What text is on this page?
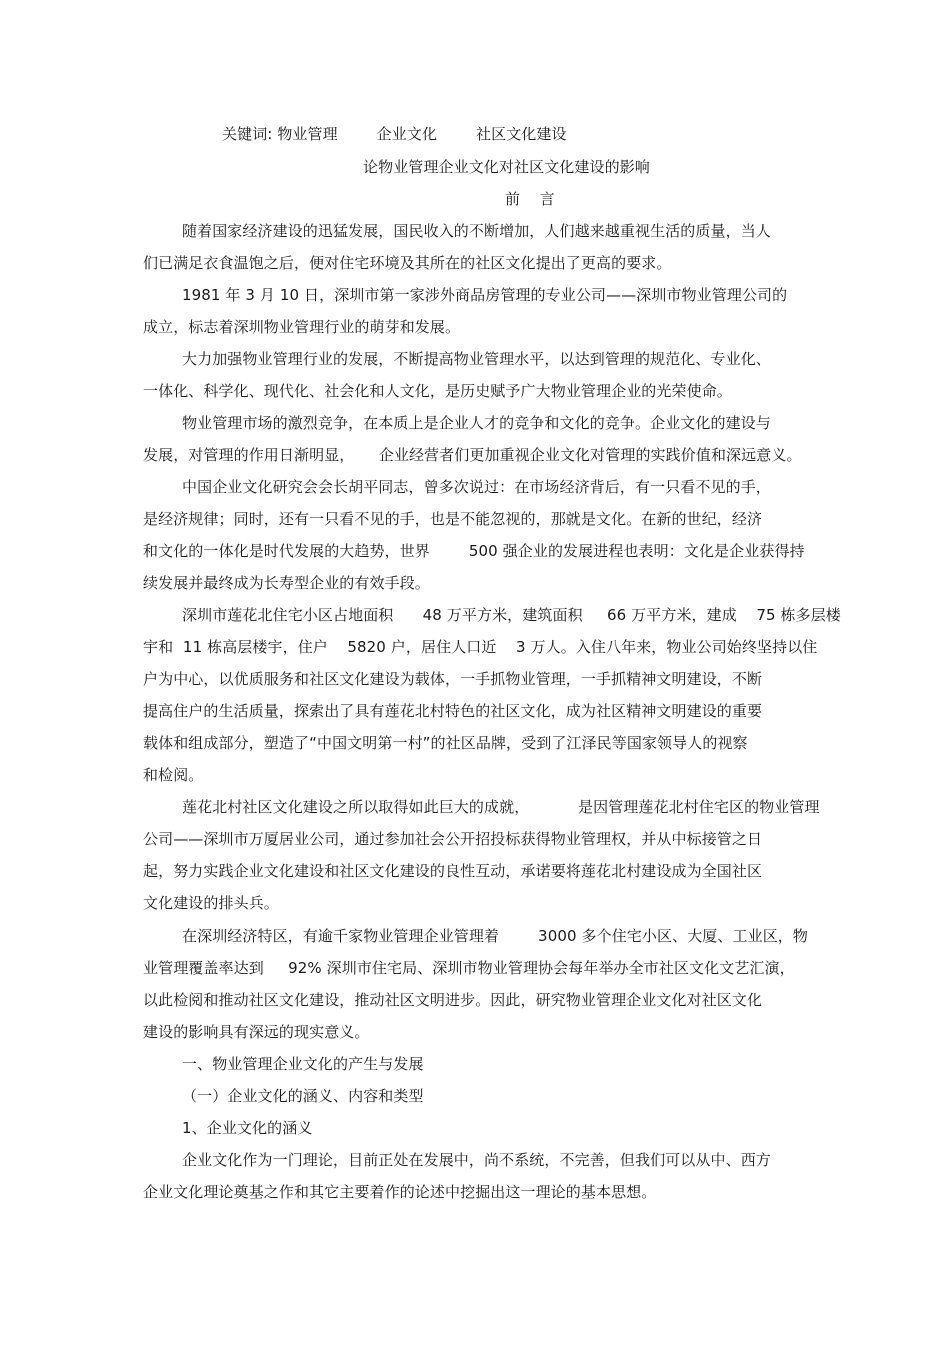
关键词: 物业管理        企业文化        社区文化建设
论物业管理企业文化对社区文化建设的影响
前    言
随着国家经济建设的迅猛发展，国民收入的不断增加，人们越来越重视生活的质量，当人
们已满足衣食温饱之后，便对住宅环境及其所在的社区文化提出了更高的要求。
1981 年 3 月 10 日，深圳市第一家涉外商品房管理的专业公司——深圳市物业管理公司的
成立，标志着深圳物业管理行业的萌芽和发展。
大力加强物业管理行业的发展，不断提高物业管理水平，以达到管理的规范化、专业化、
一体化、科学化、现代化、社会化和人文化，是历史赋予广大物业管理企业的光荣使命。
物业管理市场的激烈竞争，在本质上是企业人才的竞争和文化的竞争。企业文化的建设与
发展，对管理的作用日渐明显，     企业经营者们更加重视企业文化对管理的实践价值和深远意义。
中国企业文化研究会会长胡平同志，曾多次说过：在市场经济背后，有一只看不见的手，
是经济规律；同时，还有一只看不见的手，也是不能忽视的，那就是文化。在新的世纪，经济
和文化的一体化是时代发展的大趋势，世界        500 强企业的发展进程也表明：文化是企业获得持
续发展并最终成为长寿型企业的有效手段。
深圳市莲花北住宅小区占地面积      48 万平方米，建筑面积     66 万平方米，建成    75 栋多层楼
宇和  11 栋高层楼宇，住户    5820 户，居住人口近    3 万人。入住八年来，物业公司始终坚持以住
户为中心，以优质服务和社区文化建设为载体，一手抓物业管理，一手抓精神文明建设，不断
提高住户的生活质量，探索出了具有莲花北村特色的社区文化，成为社区精神文明建设的重要
载体和组成部分，塑造了“中国文明第一村”的社区品牌，受到了江泽民等国家领导人的视察
和检阅。
莲花北村社区文化建设之所以取得如此巨大的成就，          是因管理莲花北村住宅区的物业管理
公司——深圳市万厦居业公司，通过参加社会公开招投标获得物业管理权，并从中标接管之日
起，努力实践企业文化建设和社区文化建设的良性互动，承诺要将莲花北村建设成为全国社区
文化建设的排头兵。
在深圳经济特区，有逾千家物业管理企业管理着        3000 多个住宅小区、大厦、工业区，物
业管理覆盖率达到     92% 深圳市住宅局、深圳市物业管理协会每年举办全市社区文化文艺汇演，
以此检阅和推动社区文化建设，推动社区文明进步。因此，研究物业管理企业文化对社区文化
建设的影响具有深远的现实意义。
一、物业管理企业文化的产生与发展
（一）企业文化的涵义、内容和类型
1、企业文化的涵义
企业文化作为一门理论，目前正处在发展中，尚不系统，不完善，但我们可以从中、西方
企业文化理论奠基之作和其它主要着作的论述中挖掘出这一理论的基本思想。
